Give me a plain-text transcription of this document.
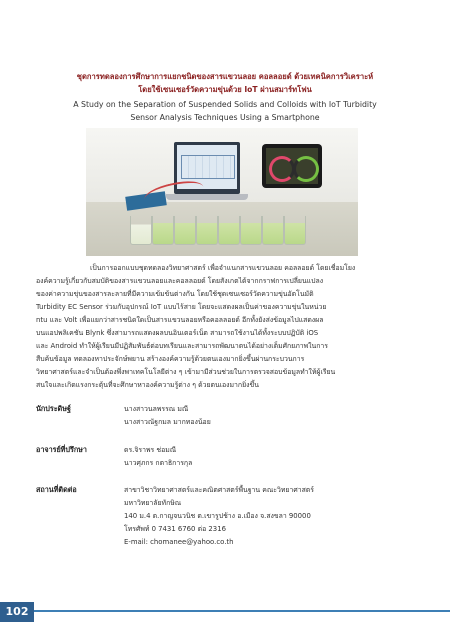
ชุดการทดลองการศึกษาการแยกชนิดของสารแขวนลอย คอลลอยด์ ด้วยเทคนิคการวิเคราะห์
โดยใช้เซนเซอร์วัดความขุ่นด้วย IoT ผ่านสมาร์ทโฟน
A Study on the Separation of Suspended Solids and Colloids with IoT Turbidity
Sensor Analysis Techniques Using a Smartphone
เป็นการออกแบบชุดทดลองวิทยาศาสตร์ เพื่อจำแนกสารแขวนลอย คอลลอยด์ โดยเชื่อมโยง
องค์ความรู้เกี่ยวกับสมบัติของสารแขวนลอยและคอลลอยด์ โดยสังเกตได้จากกราฟการเปลี่ยนแปลง
ของค่าความขุ่นของสารละลายที่มีความเข้มข้นต่างกัน โดยใช้ชุดเซนเซอร์วัดความขุ่นอัตโนมัติ
Turbidity EC Sensor ร่วมกับอุปกรณ์ IoT แบบไร้สาย โดยจะแสดงผลเป็นค่าของความขุ่นในหน่วย
ntu และ Volt เพื่อแยกว่าสารชนิดใดเป็นสารแขวนลอยหรือคอลลอยด์ อีกทั้งยังส่งข้อมูลไปแสดงผล
บนแอปพลิเคชัน Blynk ซึ่งสามารถแสดงผลบนอินเตอร์เน็ต สามารถใช้งานได้ทั้งระบบปฏิบัติ iOS
และ Android ทำให้ผู้เรียนมีปฏิสัมพันธ์ต่อบทเรียนและสามารถพัฒนาตนได้อย่างเต็มศักยภาพในการ
สืบค้นข้อมูล ทดลองหาประจักษ์พยาน สร้างองค์ความรู้ด้วยตนเองมากยิ่งขึ้นผ่านกระบวนการ
วิทยาศาสตร์และจำเป็นต้องพึ่งพาเทคโนโลยีต่าง ๆ เข้ามามีส่วนช่วยในการตรวจสอบข้อมูลทำให้ผู้เรียน
สนใจและเกิดแรงกระตุ้นที่จะศึกษาหาองค์ความรู้ต่าง ๆ ด้วยตนเองมากยิ่งขึ้น
นักประดิษฐ์	นางสาวนลพรรณ มณี
นางสาวณัฐกมล มากทองน้อย
อาจารย์ที่ปรึกษา	ดร.จิราพร ช่อมณี
นาวศุภกร กตาธิการกุล
สถานที่ติดต่อ	สาขาวิชาวิทยาศาสตร์และคณิตศาสตร์พื้นฐาน คณะวิทยาศาสตร์
มหาวิทยาลัยทักษิณ
140 ม.4 ต.กาญจนวนิช ต.เขารูปช้าง อ.เมือง จ.สงขลา 90000
โทรศัพท์ 0 7431 6760 ต่อ 2316
E-mail: chomanee@yahoo.co.th
102
